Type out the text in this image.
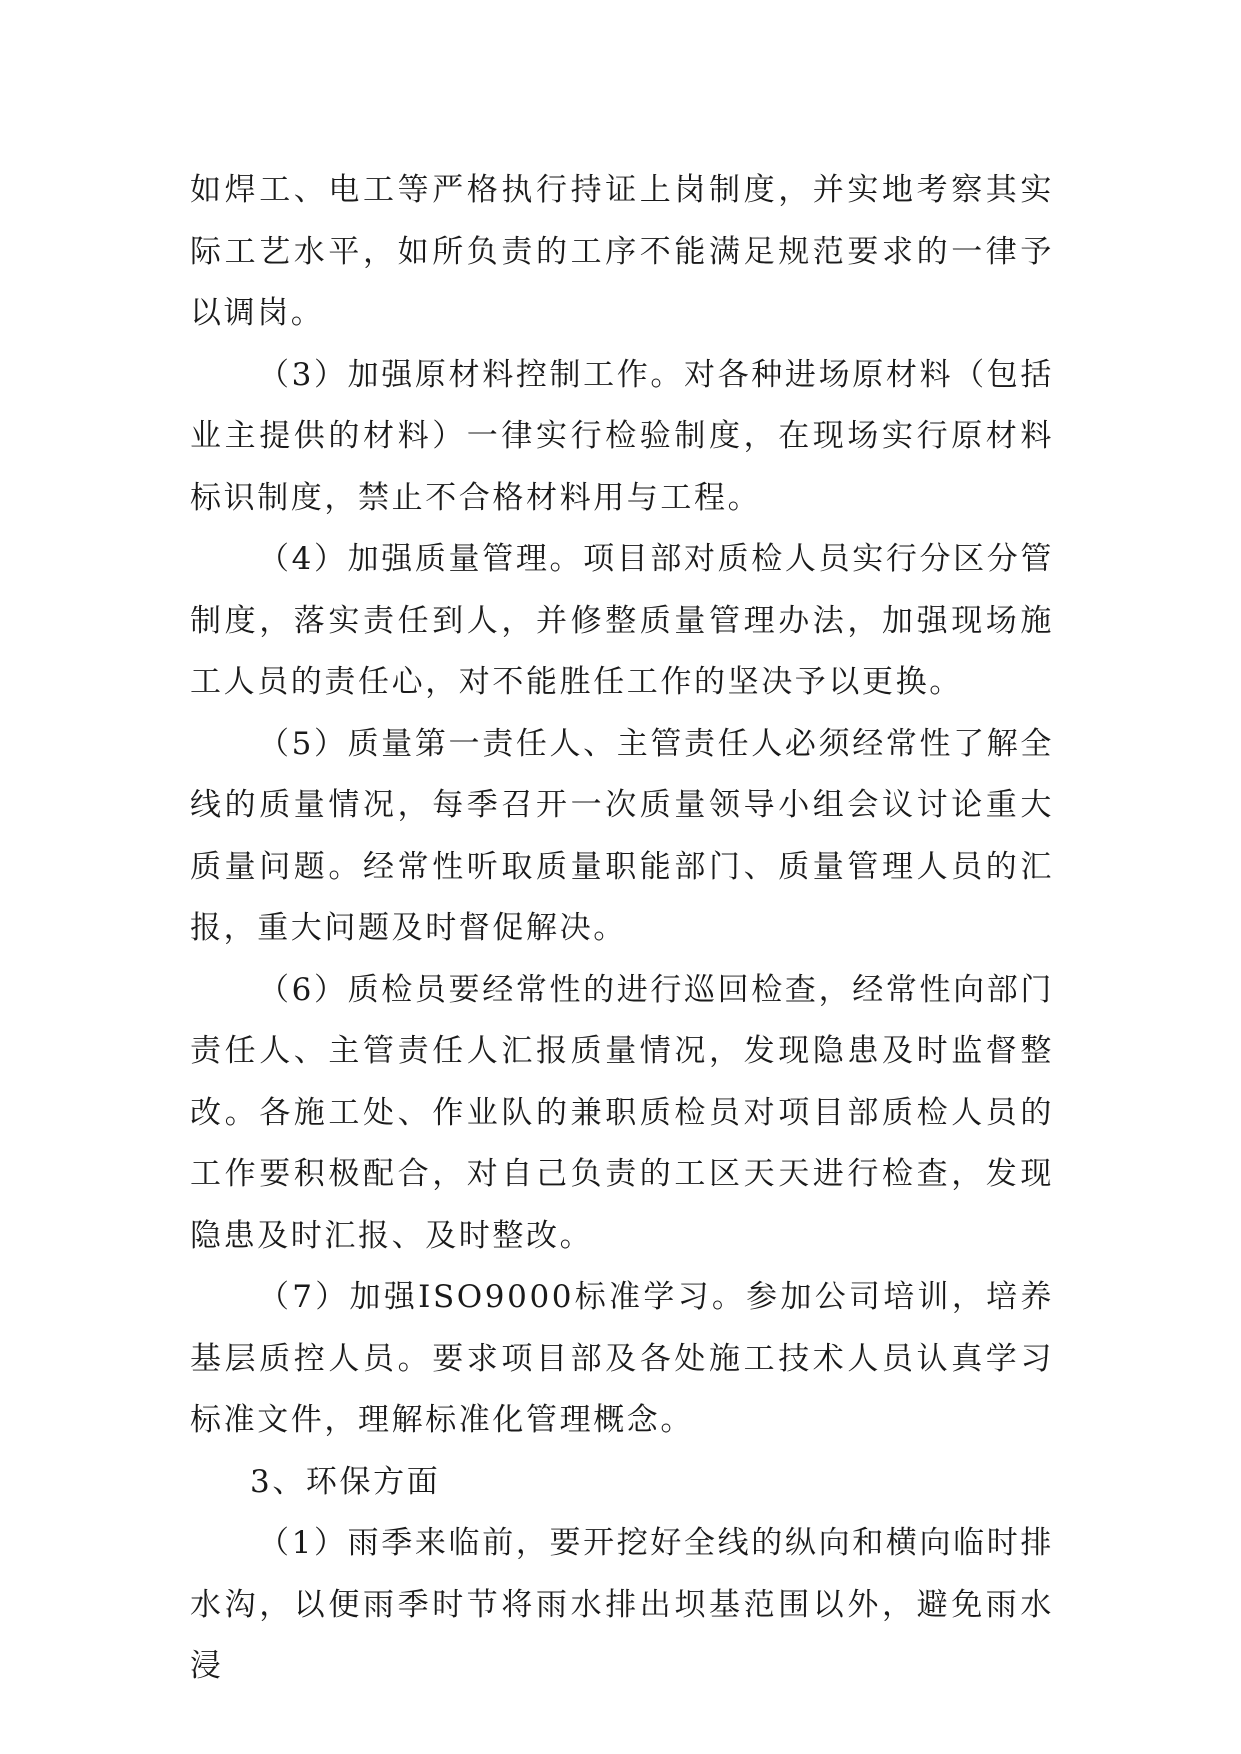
如焊工、电工等严格执行持证上岗制度，并实地考察其实际工艺水平，如所负责的工序不能满足规范要求的一律予以调岗。

（3）加强原材料控制工作。对各种进场原材料（包括业主提供的材料）一律实行检验制度，在现场实行原材料标识制度，禁止不合格材料用与工程。

（4）加强质量管理。项目部对质检人员实行分区分管制度，落实责任到人，并修整质量管理办法，加强现场施工人员的责任心，对不能胜任工作的坚决予以更换。

（5）质量第一责任人、主管责任人必须经常性了解全线的质量情况，每季召开一次质量领导小组会议讨论重大质量问题。经常性听取质量职能部门、质量管理人员的汇报，重大问题及时督促解决。

（6）质检员要经常性的进行巡回检查，经常性向部门责任人、主管责任人汇报质量情况，发现隐患及时监督整改。各施工处、作业队的兼职质检员对项目部质检人员的工作要积极配合，对自己负责的工区天天进行检查，发现隐患及时汇报、及时整改。

（7）加强ISO9000标准学习。参加公司培训，培养基层质控人员。要求项目部及各处施工技术人员认真学习标准文件，理解标准化管理概念。

3、环保方面

（1）雨季来临前，要开挖好全线的纵向和横向临时排水沟，以便雨季时节将雨水排出坝基范围以外，避免雨水浸
